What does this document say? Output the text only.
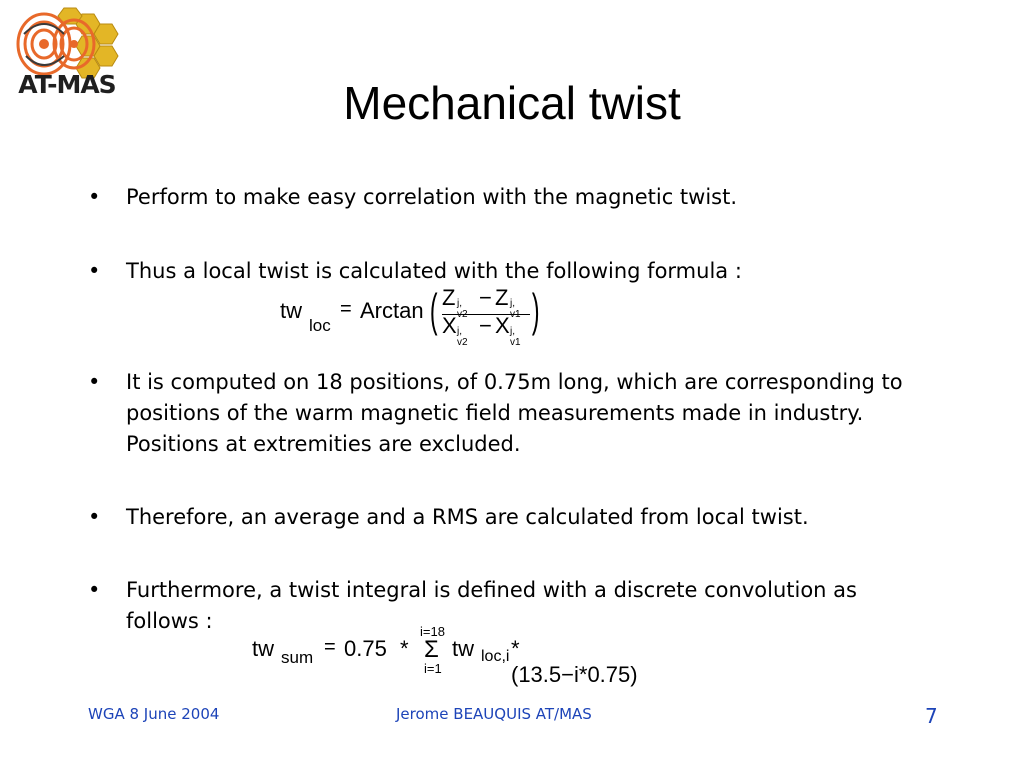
AT-MAS	Mechanical twist
• Perform to make easy correlation with the magnetic twist.
• Thus a local twist is calculated with the following formula :
• It is computed on 18 positions, of 0.75m long, which are corresponding to positions of the warm magnetic field measurements made in industry. Positions at extremities are excluded.
• Therefore, an average and a RMS are calculated from local twist.
• Furthermore, a twist integral is defined with a discrete convolution as follows :
tw
loc
= Arctan ( )
Z j, − Z j,
X j, v2
− X j, v1
tw sum = 0.75 *
i=18
Σ
i=1
tw loc,i *(13.5−i*0.75)
WGA 8 June 2004	Jerome BEAUQUIS AT/MAS	7
